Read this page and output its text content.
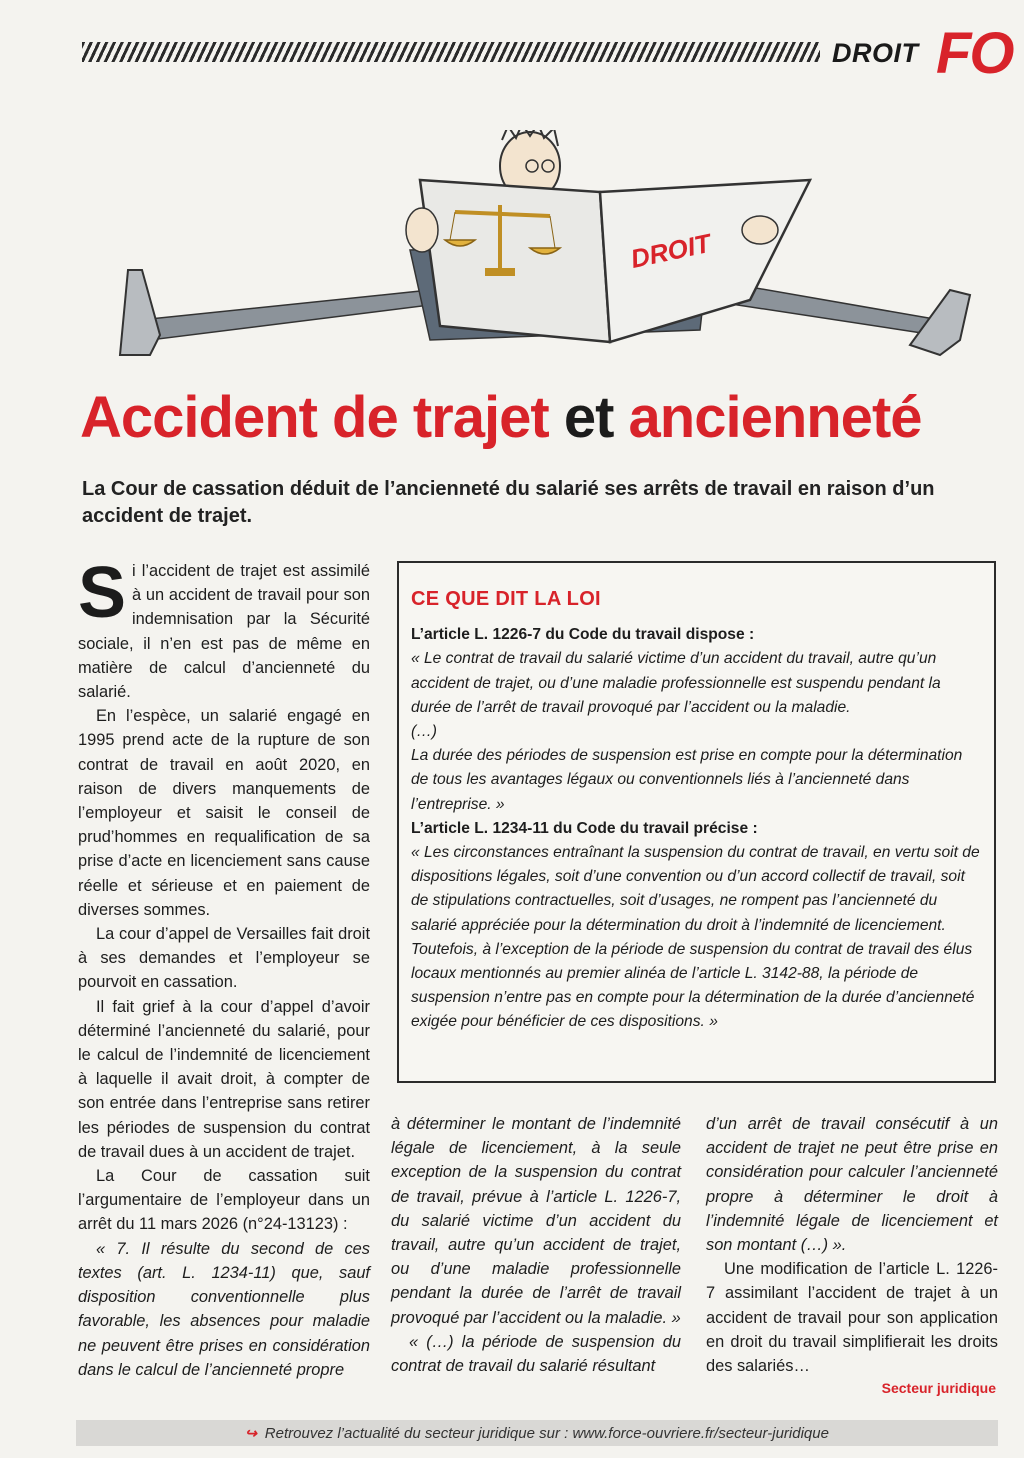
DROIT FO
DROIT
Accident de trajet et ancienneté
La Cour de cassation déduit de l’ancienneté du salarié ses arrêts de travail en raison d’un accident de trajet.

Si l’accident de trajet est assimilé à un accident de travail pour son indemnisation par la Sécurité sociale, il n’en est pas de même en matière de calcul d’ancienneté du salarié.

En l’espèce, un salarié engagé en 1995 prend acte de la rupture de son contrat de travail en août 2020, en raison de divers manquements de l’employeur et saisit le conseil de prud’hommes en requalification de sa prise d’acte en licenciement sans cause réelle et sérieuse et en paiement de diverses sommes.

La cour d’appel de Versailles fait droit à ses demandes et l’employeur se pourvoit en cassation.

Il fait grief à la cour d’appel d’avoir déterminé l’ancienneté du salarié, pour le calcul de l’indemnité de licenciement à laquelle il avait droit, à compter de son entrée dans l’entreprise sans retirer les périodes de suspension du contrat de travail dues à un accident de trajet.

La Cour de cassation suit l’argumentaire de l’employeur dans un arrêt du 11 mars 2026 (n°24-13123) :

« 7. Il résulte du second de ces textes (art. L. 1234-11) que, sauf disposition conventionnelle plus favorable, les absences pour maladie ne peuvent être prises en considération dans le calcul de l’ancienneté propre

CE QUE DIT LA LOI

L’article L. 1226-7 du Code du travail dispose :

« Le contrat de travail du salarié victime d’un accident du travail, autre qu’un accident de trajet, ou d’une maladie professionnelle est suspendu pendant la durée de l’arrêt de travail provoqué par l’accident ou la maladie.

(…)

La durée des périodes de suspension est prise en compte pour la détermination de tous les avantages légaux ou conventionnels liés à l’ancienneté dans l’entreprise. »

L’article L. 1234-11 du Code du travail précise :

« Les circonstances entraînant la suspension du contrat de travail, en vertu soit de dispositions légales, soit d’une convention ou d’un accord collectif de travail, soit de stipulations contractuelles, soit d’usages, ne rompent pas l’ancienneté du salarié appréciée pour la détermination du droit à l’indemnité de licenciement.

Toutefois, à l’exception de la période de suspension du contrat de travail des élus locaux mentionnés au premier alinéa de l’article L. 3142-88, la période de suspension n’entre pas en compte pour la détermination de la durée d’ancienneté exigée pour bénéficier de ces dispositions. »

à déterminer le montant de l’indemnité légale de licenciement, à la seule exception de la suspension du contrat de travail, prévue à l’article L. 1226-7, du salarié victime d’un accident du travail, autre qu’un accident de trajet, ou d’une maladie professionnelle pendant la durée de l’arrêt de travail provoqué par l’accident ou la maladie. »

« (…) la période de suspension du contrat de travail du salarié résultant

d’un arrêt de travail consécutif à un accident de trajet ne peut être prise en considération pour calculer l’ancienneté propre à déterminer le droit à l’indemnité légale de licenciement et son montant (…) ».

Une modification de l’article L. 1226-7 assimilant l’accident de trajet à un accident de travail pour son application en droit du travail simplifierait les droits des salariés…

Secteur juridique
↪ Retrouvez l’actualité du secteur juridique sur : www.force-ouvriere.fr/secteur-juridique
